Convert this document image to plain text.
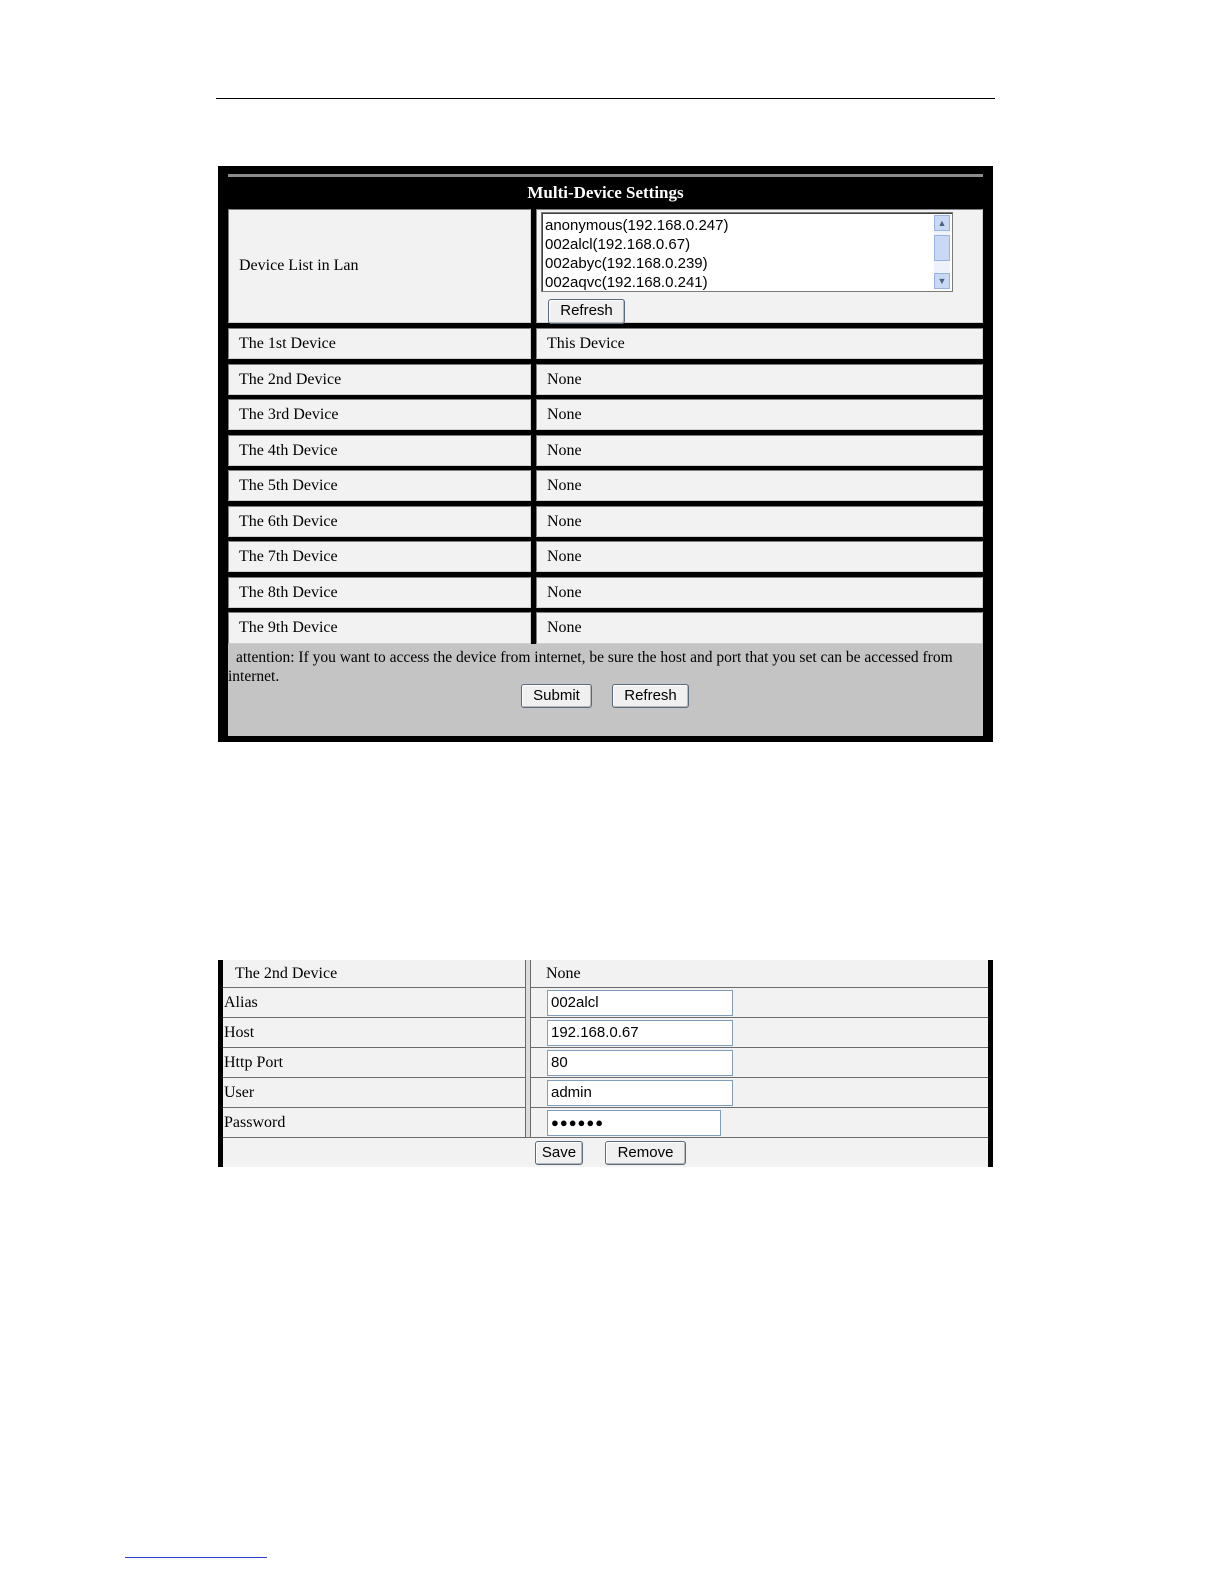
Multi-Device Settings
Device List in Lan
anonymous(192.168.0.247)
002alcl(192.168.0.67)
002abyc(192.168.0.239)
002aqvc(192.168.0.241)
▲
▼
Refresh
The 1st Device	This Device
The 2nd Device	None
The 3rd Device	None
The 4th Device	None
The 5th Device	None
The 6th Device	None
The 7th Device	None
The 8th Device	None
The 9th Device	None
attention: If you want to access the device from internet, be sure the host and port that you set can be accessed from internet.
Submit	Refresh
The 2nd Device	None
Alias	002alcl
Host	192.168.0.67
Http Port	80
User	admin
Password	●●●●●●
Save	Remove
